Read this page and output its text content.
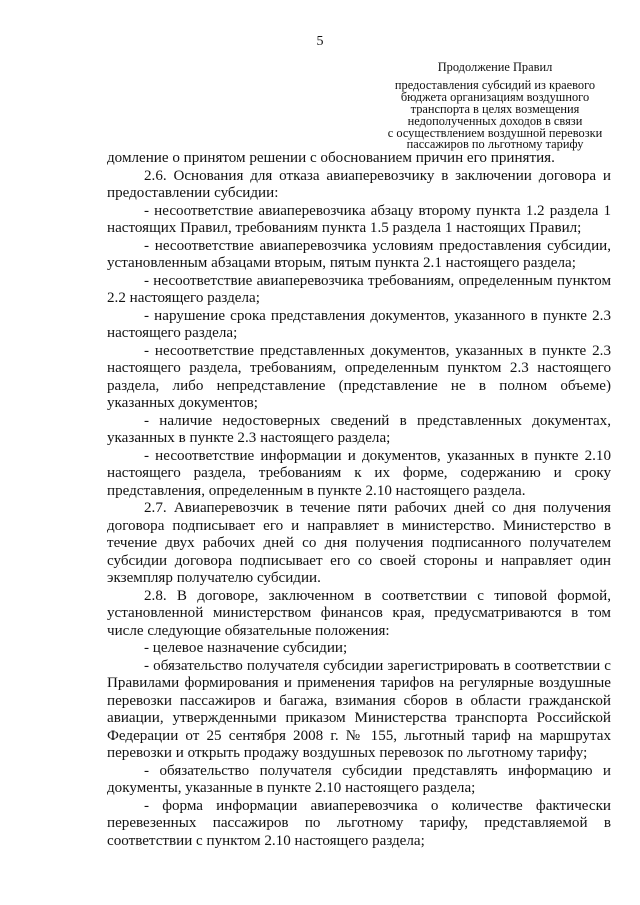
5
Продолжение Правил
предоставления субсидий из краевого
бюджета организациям воздушного
транспорта в целях возмещения
недополученных доходов в связи
с осуществлением воздушной перевозки
пассажиров по льготному тарифу

домление о принятом решении с обоснованием причин его принятия.

2.6. Основания для отказа авиаперевозчику в заключении договора и предоставлении субсидии:

- несоответствие авиаперевозчика абзацу второму пункта 1.2 раздела 1 настоящих Правил, требованиям пункта 1.5 раздела 1 настоящих Правил;

- несоответствие авиаперевозчика условиям предоставления субсидии, установленным абзацами вторым, пятым пункта 2.1 настоящего раздела;

- несоответствие авиаперевозчика требованиям, определенным пунктом 2.2 настоящего раздела;

- нарушение срока представления документов, указанного в пункте 2.3 настоящего раздела;

- несоответствие представленных документов, указанных в пункте 2.3 настоящего раздела, требованиям, определенным пунктом 2.3 настоящего раздела, либо непредставление (представление не в полном объеме) указанных документов;

- наличие недостоверных сведений в представленных документах, указанных в пункте 2.3 настоящего раздела;

- несоответствие информации и документов, указанных в пункте 2.10 настоящего раздела, требованиям к их форме, содержанию и сроку представления, определенным в пункте 2.10 настоящего раздела.

2.7. Авиаперевозчик в течение пяти рабочих дней со дня получения договора подписывает его и направляет в министерство. Министерство в течение двух рабочих дней со дня получения подписанного получателем субсидии договора подписывает его со своей стороны и направляет один экземпляр получателю субсидии.

2.8. В договоре, заключенном в соответствии с типовой формой, установленной министерством финансов края, предусматриваются в том числе следующие обязательные положения:

- целевое назначение субсидии;

- обязательство получателя субсидии зарегистрировать в соответствии с Правилами формирования и применения тарифов на регулярные воздушные перевозки пассажиров и багажа, взимания сборов в области гражданской авиации, утвержденными приказом Министерства транспорта Российской Федерации от 25 сентября 2008 г. № 155, льготный тариф на маршрутах перевозки и открыть продажу воздушных перевозок по льготному тарифу;

- обязательство получателя субсидии представлять информацию и документы, указанные в пункте 2.10 настоящего раздела;

- форма информации авиаперевозчика о количестве фактически перевезенных пассажиров по льготному тарифу, представляемой в соответствии с пунктом 2.10 настоящего раздела;
